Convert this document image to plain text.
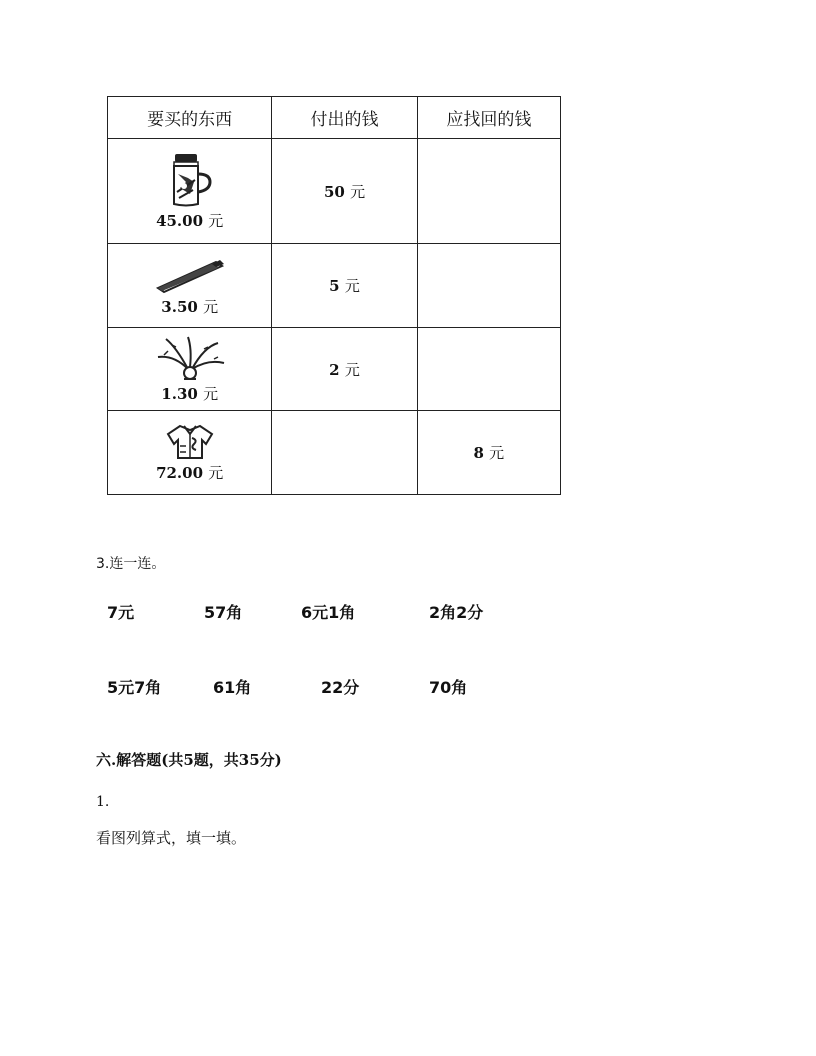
要买的东西	付出的钱	应找回的钱

45.00 元	50 元	

3.50 元	5 元	

1.30 元	2 元	

72.00 元		8 元
3.连一连。
7元	57角	6元1角	2角2分
5元7角	61角	22分	70角
六.解答题(共5题，共35分)
1.
看图列算式，填一填。
